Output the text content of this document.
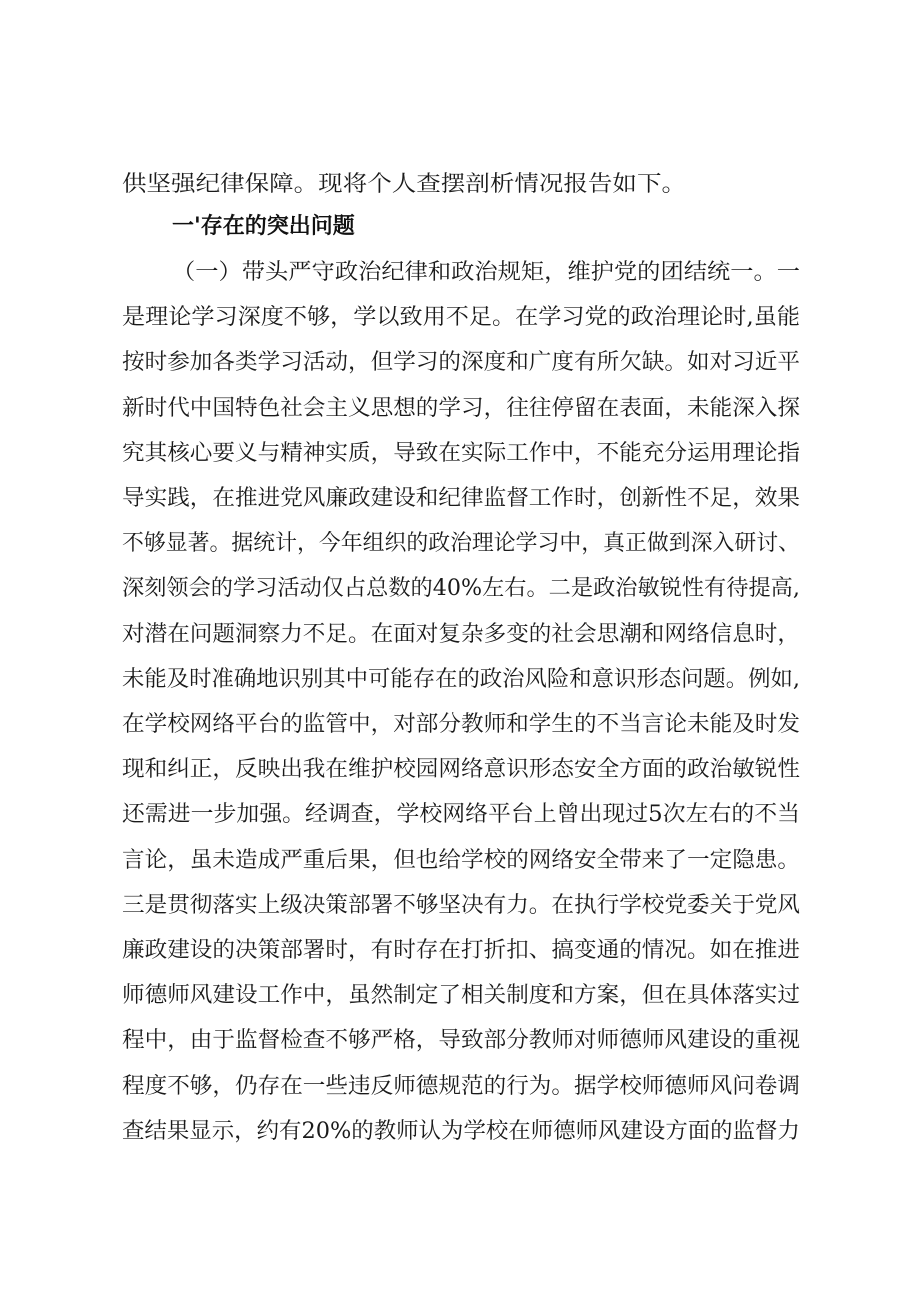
供坚强纪律保障。现将个人查摆剖析情况报告如下。
一'存在的突出问题
（一）带头严守政治纪律和政治规矩，维护党的团结统一。一
是理论学习深度不够，学以致用不足。在学习党的政治理论时,虽能
按时参加各类学习活动，但学习的深度和广度有所欠缺。如对习近平
新时代中国特色社会主义思想的学习，往往停留在表面，未能深入探
究其核心要义与精神实质，导致在实际工作中，不能充分运用理论指
导实践，在推进党风廉政建设和纪律监督工作时，创新性不足，效果
不够显著。据统计，今年组织的政治理论学习中，真正做到深入研讨、
深刻领会的学习活动仅占总数的40%左右。二是政治敏锐性有待提高,
对潜在问题洞察力不足。在面对复杂多变的社会思潮和网络信息时，
未能及时准确地识别其中可能存在的政治风险和意识形态问题。例如,
在学校网络平台的监管中，对部分教师和学生的不当言论未能及时发
现和纠正，反映出我在维护校园网络意识形态安全方面的政治敏锐性
还需进一步加强。经调查，学校网络平台上曾出现过5次左右的不当
言论，虽未造成严重后果，但也给学校的网络安全带来了一定隐患。
三是贯彻落实上级决策部署不够坚决有力。在执行学校党委关于党风
廉政建设的决策部署时，有时存在打折扣、搞变通的情况。如在推进
师德师风建设工作中，虽然制定了相关制度和方案，但在具体落实过
程中，由于监督检查不够严格，导致部分教师对师德师风建设的重视
程度不够，仍存在一些违反师德规范的行为。据学校师德师风问卷调
查结果显示，约有20%的教师认为学校在师德师风建设方面的监督力
